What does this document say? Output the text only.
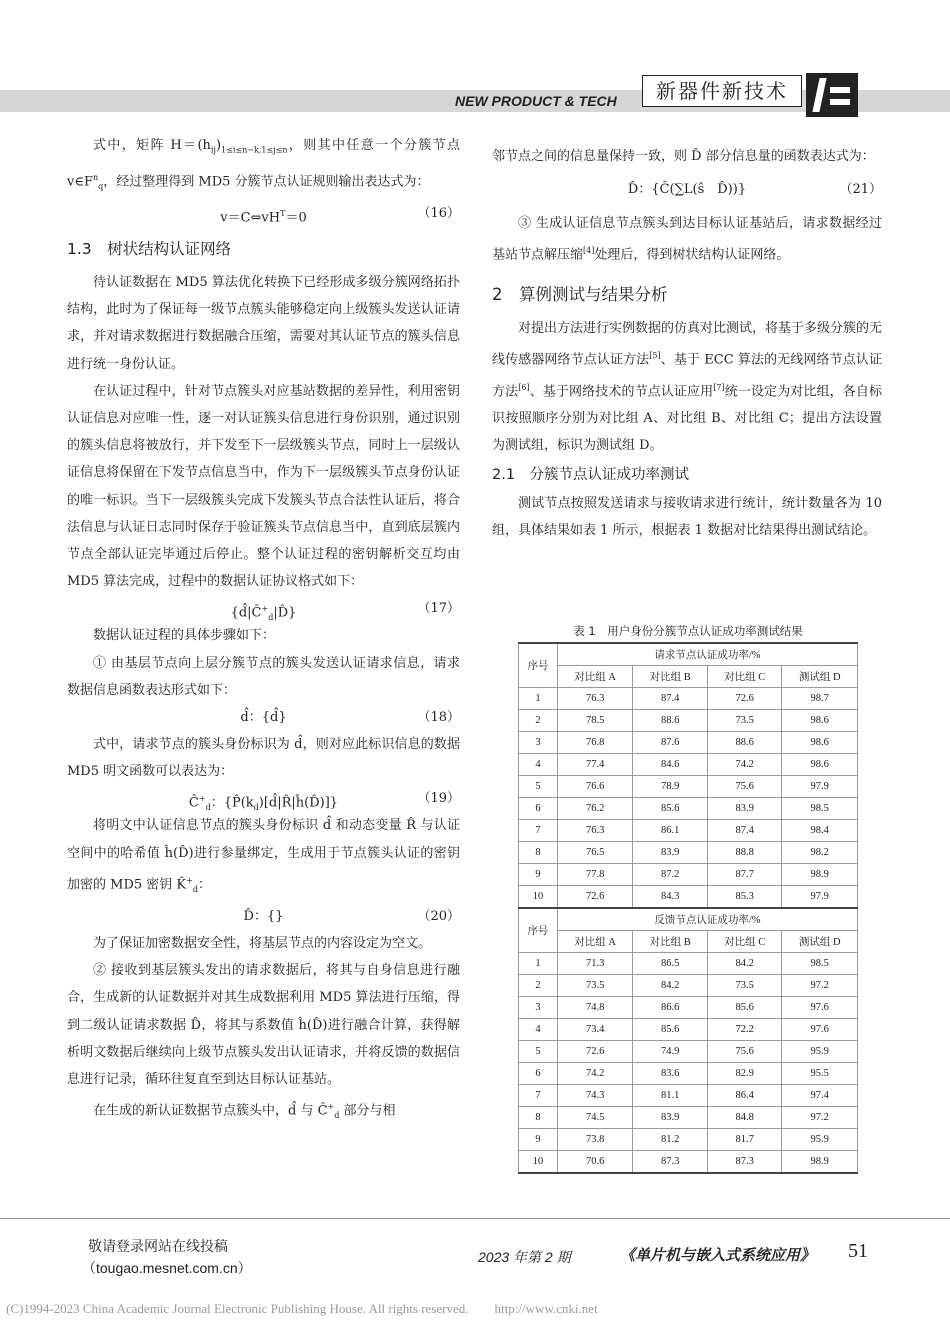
NEW PRODUCT & TECH	新器件新技术

式中，矩阵 $H=(h_{ij})_{1\le i\le n-k,1\le j\le n}$，则其中任意一个分簇节点 $v\in F^n_q$，经过整理得到 MD5 分簇节点认证规则输出表达式为：

$v=C\Leftrightarrow vH^T=0$	（16）
1.3　树状结构认证网络

待认证数据在 MD5 算法优化转换下已经形成多级分簇网络拓扑结构，此时为了保证每一级节点簇头能够稳定向上级簇头发送认证请求，并对请求数据进行数据融合压缩，需要对其认证节点的簇头信息进行统一身份认证。

在认证过程中，针对节点簇头对应基站数据的差异性，利用密钥认证信息对应唯一性，逐一对认证簇头信息进行身份识别，通过识别的簇头信息将被放行，并下发至下一层级簇头节点，同时上一层级认证信息将保留在下发节点信息当中，作为下一层级簇头节点身份认证的唯一标识。当下一层级簇头完成下发簇头节点合法性认证后，将合法信息与认证日志同时保存于验证簇头节点信息当中，直到底层簇内节点全部认证完毕通过后停止。整个认证过程的密钥解析交互均由 MD5 算法完成，过程中的数据认证协议格式如下：

$\{d̂|Ĉ^+_d|D̂\}$	（17）

数据认证过程的具体步骤如下：

① 由基层节点向上层分簇节点的簇头发送认证请求信息，请求数据信息函数表达形式如下：

d̂：{d̂}	（18）

式中，请求节点的簇头身份标识为 d̂，则对应此标识信息的数据 MD5 明文函数可以表达为：

$Ĉ^+_d$：$\{P̂(k_d)[d̂|R̂|ĥ(D̂)]\}$	（19）

将明文中认证信息节点的簇头身份标识 d̂ 和动态变量 R̂ 与认证空间中的哈希值 ĥ(D̂)进行参量绑定，生成用于节点簇头认证的密钥加密的 MD5 密钥 $K̂^+_d$：

D̂：{}	（20）

为了保证加密数据安全性，将基层节点的内容设定为空文。

② 接收到基层簇头发出的请求数据后，将其与自身信息进行融合，生成新的认证数据并对其生成数据利用 MD5 算法进行压缩，得到二级认证请求数据 D̂，将其与系数值 ĥ(D̂)进行融合计算，获得解析明文数据后继续向上级节点簇头发出认证请求，并将反馈的数据信息进行记录，循环往复直至到达目标认证基站。

在生成的新认证数据节点簇头中，d̂ 与 $Ĉ^+_d$ 部分与相

邻节点之间的信息量保持一致，则 D̂ 部分信息量的函数表达式为：

D̂：{Ĉ(∑L(ŝ　D̂))}	（21）

③ 生成认证信息节点簇头到达目标认证基站后，请求数据经过基站节点解压缩[4]处理后，得到树状结构认证网络。

2　算例测试与结果分析

对提出方法进行实例数据的仿真对比测试，将基于多级分簇的无线传感器网络节点认证方法[5]、基于 ECC 算法的无线网络节点认证方法[6]、基于网络技术的节点认证应用[7]统一设定为对比组，各自标识按照顺序分别为对比组 A、对比组 B、对比组 C；提出方法设置为测试组，标识为测试组 D。

2.1　分簇节点认证成功率测试

测试节点按照发送请求与接收请求进行统计，统计数量各为 10 组，具体结果如表 1 所示，根据表 1 数据对比结果得出测试结论。

表 1　用户身份分簇节点认证成功率测试结果
序号	请求节点认证成功率/%			
	对比组 A	对比组 B	对比组 C	测试组 D
1	76.3	87.4	72.6	98.7
2	78.5	88.6	73.5	98.6
3	76.8	87.6	88.6	98.6
4	77.4	84.6	74.2	98.6
5	76.6	78.9	75.6	97.9
6	76.2	85.6	83.9	98.5
7	76.3	86.1	87.4	98.4
8	76.5	83.9	88.8	98.2
9	77.8	87.2	87.7	98.9
10	72.6	84.3	85.3	97.9
序号	反馈节点认证成功率/%			
	对比组 A	对比组 B	对比组 C	测试组 D
1	71.3	86.5	84.2	98.5
2	73.5	84.2	73.5	97.2
3	74.8	86.6	85.6	97.6
4	73.4	85.6	72.2	97.6
5	72.6	74.9	75.6	95.9
6	74.2	83.6	82.9	95.5
7	74.3	81.1	86.4	97.4
8	74.5	83.9	84.8	97.2
9	73.8	81.2	81.7	95.9
10	70.6	87.3	87.3	98.9
敬请登录网站在线投稿
（tougao.mesnet.com.cn）
2023 年第 2 期	《单片机与嵌入式系统应用》 51
(C)1994-2023 China Academic Journal Electronic Publishing House. All rights reserved.　　http://www.cnki.net
